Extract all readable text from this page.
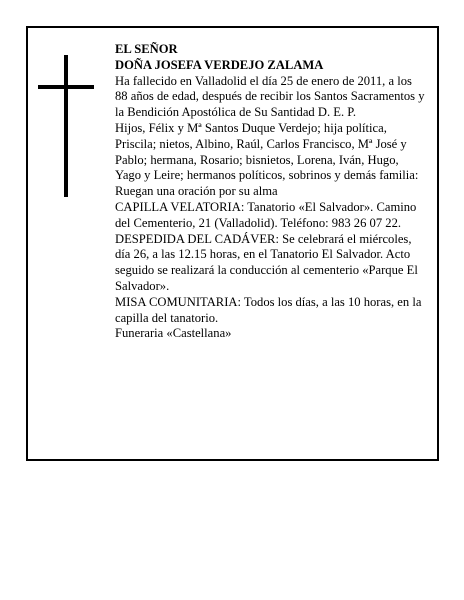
EL SEÑOR

DOÑA JOSEFA VERDEJO ZALAMA

Ha fallecido en Valladolid el día 25 de enero de 2011, a los 88 años de edad, después de recibir los Santos Sacramentos y la Bendición Apostólica de Su Santidad D. E. P.

Hijos, Félix y Mª Santos Duque Verdejo; hija política, Priscila; nietos, Albino, Raúl, Carlos Francisco, Mª José y Pablo; hermana, Rosario; bisnietos, Lorena, Iván, Hugo, Yago y Leire; hermanos políticos, sobrinos y demás familia:

Ruegan una oración por su alma

CAPILLA VELATORIA: Tanatorio «El Salvador». Camino del Cementerio, 21 (Valladolid). Teléfono: 983 26 07 22.

DESPEDIDA DEL CADÁVER: Se celebrará el miércoles, día 26, a las 12.15 horas, en el Tanatorio El Salvador. Acto seguido se realizará la conducción al cementerio «Parque El Salvador».

MISA COMUNITARIA: Todos los días, a las 10 horas, en la capilla del tanatorio.

Funeraria «Castellana»
